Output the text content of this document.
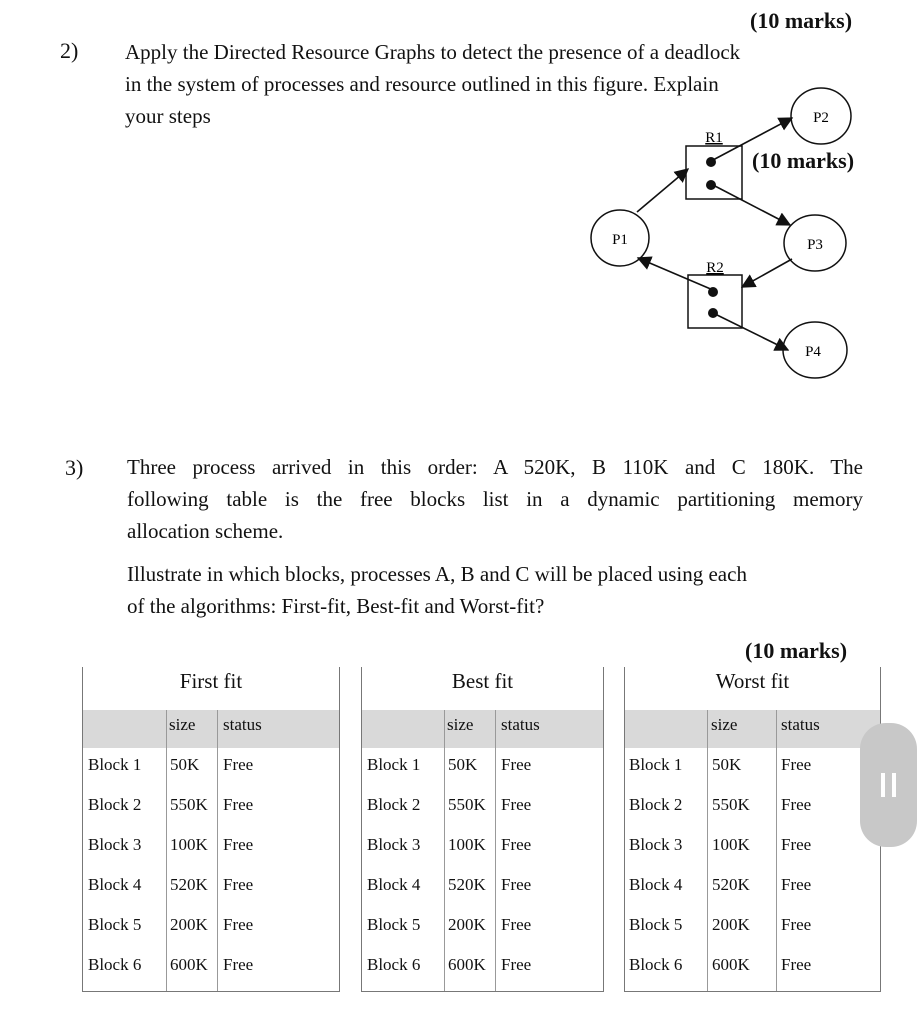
(10 marks)
2) Apply the Directed Resource Graphs to detect the presence of a deadlock
in the system of processes and resource outlined in this figure. Explain
your steps	P2
P1	P3
P4
R1
R2
(10 marks)
3) Three process arrived in this order: A 520K, B 110K and C 180K. The
following table is the free blocks list in a dynamic partitioning memory
allocation scheme.
Illustrate in which blocks, processes A, B and C will be placed using each
of the algorithms: First-fit, Best-fit and Worst-fit?
(10 marks)
First fit
size status
Block 1 50K Free
Block 2 550K Free
Block 3 100K Free
Block 4 520K Free
Block 5 200K Free
Block 6 600K Free
Best fit
size status
Block 1 50K Free
Block 2 550K Free
Block 3 100K Free
Block 4 520K Free
Block 5 200K Free
Block 6 600K Free
Worst fit
size	status
Block 1 50K Free
Block 2 550K Free
Block 3 100K Free
Block 4 520K Free
Block 5 200K Free
Block 6 600K Free
